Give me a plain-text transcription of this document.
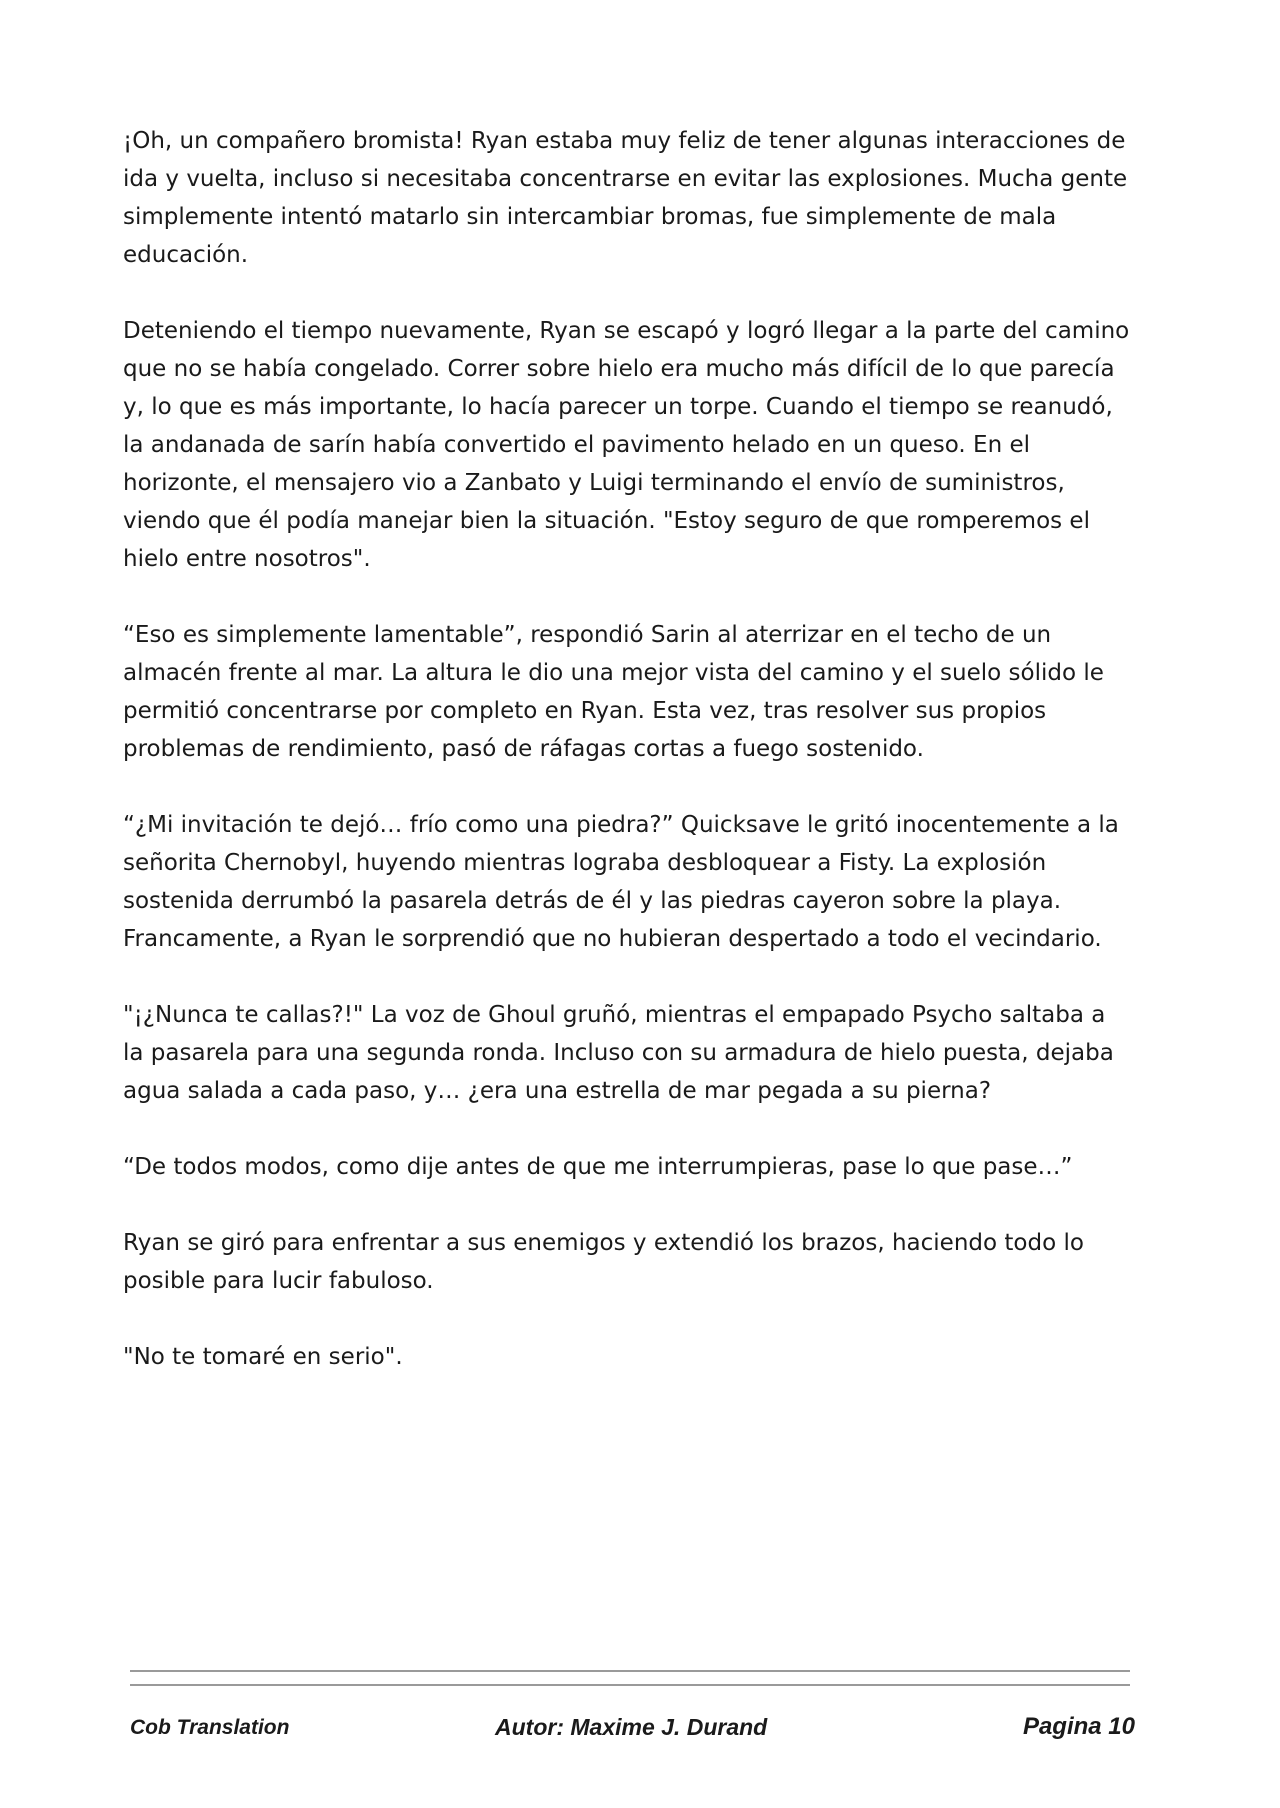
¡Oh, un compañero bromista! Ryan estaba muy feliz de tener algunas interacciones de ida y vuelta, incluso si necesitaba concentrarse en evitar las explosiones. Mucha gente simplemente intentó matarlo sin intercambiar bromas, fue simplemente de mala educación.

Deteniendo el tiempo nuevamente, Ryan se escapó y logró llegar a la parte del camino que no se había congelado. Correr sobre hielo era mucho más difícil de lo que parecía y, lo que es más importante, lo hacía parecer un torpe. Cuando el tiempo se reanudó, la andanada de sarín había convertido el pavimento helado en un queso. En el horizonte, el mensajero vio a Zanbato y Luigi terminando el envío de suministros, viendo que él podía manejar bien la situación. "Estoy seguro de que romperemos el hielo entre nosotros".

“Eso es simplemente lamentable”, respondió Sarin al aterrizar en el techo de un almacén frente al mar. La altura le dio una mejor vista del camino y el suelo sólido le permitió concentrarse por completo en Ryan. Esta vez, tras resolver sus propios problemas de rendimiento, pasó de ráfagas cortas a fuego sostenido.

“¿Mi invitación te dejó… frío como una piedra?” Quicksave le gritó inocentemente a la señorita Chernobyl, huyendo mientras lograba desbloquear a Fisty. La explosión sostenida derrumbó la pasarela detrás de él y las piedras cayeron sobre la playa. Francamente, a Ryan le sorprendió que no hubieran despertado a todo el vecindario.

"¡¿Nunca te callas?!" La voz de Ghoul gruñó, mientras el empapado Psycho saltaba a la pasarela para una segunda ronda. Incluso con su armadura de hielo puesta, dejaba agua salada a cada paso, y… ¿era una estrella de mar pegada a su pierna?

“De todos modos, como dije antes de que me interrumpieras, pase lo que pase…”

Ryan se giró para enfrentar a sus enemigos y extendió los brazos, haciendo todo lo posible para lucir fabuloso.

"No te tomaré en serio".

Cob Translation	Autor: Maxime J. Durand	Pagina 10
